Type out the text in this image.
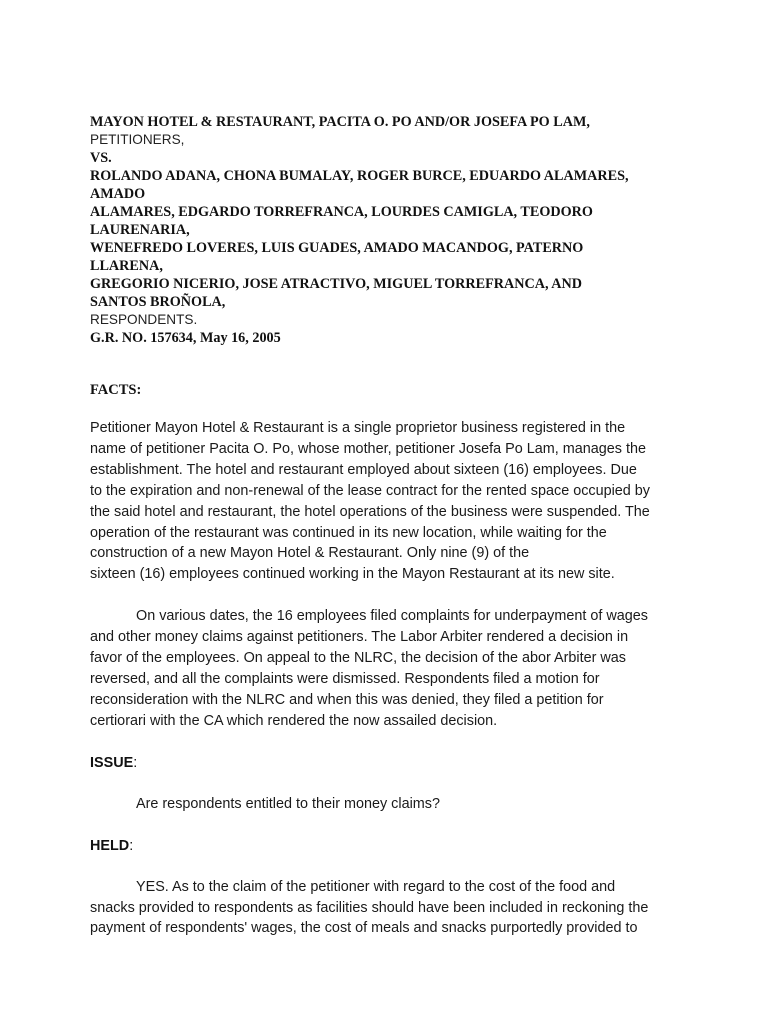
MAYON HOTEL & RESTAURANT, PACITA O. PO AND/OR JOSEFA PO LAM,
PETITIONERS,
VS.
ROLANDO ADANA, CHONA BUMALAY, ROGER BURCE, EDUARDO ALAMARES,
AMADO
ALAMARES, EDGARDO TORREFRANCA, LOURDES CAMIGLA, TEODORO
LAURENARIA,
WENEFREDO LOVERES, LUIS GUADES, AMADO MACANDOG, PATERNO
LLARENA,
GREGORIO NICERIO, JOSE ATRACTIVO, MIGUEL TORREFRANCA, AND
SANTOS BROÑOLA,
RESPONDENTS.
G.R. NO. 157634, May 16, 2005
FACTS:
Petitioner Mayon Hotel & Restaurant is a single proprietor business registered in the
name of petitioner Pacita O. Po, whose mother, petitioner Josefa Po Lam, manages the
establishment. The hotel and restaurant employed about sixteen (16) employees. Due
to the expiration and non-renewal of the lease contract for the rented space occupied by
the said hotel and restaurant, the hotel operations of the business were suspended. The
operation of the restaurant was continued in its new location, while waiting for the
construction of a new Mayon Hotel & Restaurant. Only nine (9) of the
sixteen (16) employees continued working in the Mayon Restaurant at its new site.
On various dates, the 16 employees filed complaints for underpayment of wages
and other money claims against petitioners. The Labor Arbiter rendered a decision in
favor of the employees. On appeal to the NLRC, the decision of the abor Arbiter was
reversed, and all the complaints were dismissed. Respondents filed a motion for
reconsideration with the NLRC and when this was denied, they filed a petition for
certiorari with the CA which rendered the now assailed decision.
ISSUE:
Are respondents entitled to their money claims?
HELD:
YES. As to the claim of the petitioner with regard to the cost of the food and
snacks provided to respondents as facilities should have been included in reckoning the
payment of respondents' wages, the cost of meals and snacks purportedly provided to
